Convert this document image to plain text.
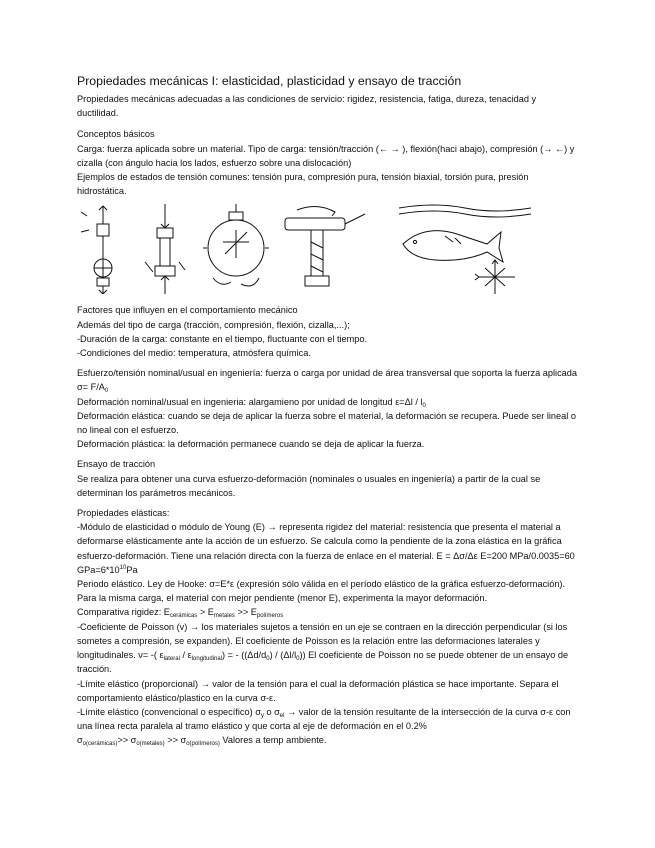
Propiedades mecánicas I: elasticidad, plasticidad y ensayo de tracción

Propiedades mecánicas adecuadas a las condiciones de servicio: rigidez, resistencia, fatiga, dureza, tenacidad y ductilidad.

Conceptos básicos

Carga: fuerza aplicada sobre un material. Tipo de carga: tensión/tracción (← → ), flexión(haci abajo), compresión (→ ←) y cizalla (con ángulo hacia los lados, esfuerzo sobre una dislocación)

Ejemplos de estados de tensión comunes: tensión pura, compresión pura, tensión biaxial, torsión pura, presión hidrostática.

Factores que influyen en el comportamiento mecánico

Además del tipo de carga (tracción, compresión, flexión, cizalla,...);

-Duración de la carga: constante en el tiempo, fluctuante con el tiempo.

-Condiciones del medio: temperatura, atmósfera química.

Esfuerzo/tensión nominal/usual en ingeniería: fuerza o carga por unidad de área transversal que soporta la fuerza aplicada $\sigma= F/A_0$

Deformación nominal/usual en ingenieria: alargamieno por unidad de longitud $\varepsilon=\Delta l / l_0$

Deformación elástica: cuando se deja de aplicar la fuerza sobre el material, la deformación se recupera. Puede ser lineal o no lineal con el esfuerzo.

Deformación plástica: la deformación permanece cuando se deja de aplicar la fuerza.

Ensayo de tracción

Se realiza para obtener una curva esfuerzo-deformación (nominales o usuales en ingeniería) a partir de la cual se determinan los parámetros mecánicos.

Propiedades elásticas:

-Módulo de elasticidad o módulo de Young (E) → representa rigidez del material: resistencia que presenta el material a deformarse elásticamente ante la acción de un esfuerzo. Se calcula como la pendiente de la zona elástica en la gráfica esfuerzo-deformación. Tiene una relación directa con la fuerza de enlace en el material. E = Δσ/Δε E=200 MPa/0.0035=60 $GPa=6*10^{10}Pa$

Periodo elástico. Ley de Hooke: σ=E*ε (expresión sólo válida en el período elástico de la gráfica esfuerzo-deformación). Para la misma carga, el material con mejor pendiente (menor E), experimenta la mayor deformación.

Comparativa rigidez: $E_{cerámicas} > E_{metales} >> E_{polímeros}$

-Coeficiente de Poisson (v) → los materiales sujetos a tensión en un eje se contraen en la dirección perpendicular (si los sometes a compresión, se expanden). El coeficiente de Poisson es la relación entre las deformaciones laterales y longitudinales. ν= -( $\varepsilon_{lateral} / \varepsilon_{longitudinal}$) = - $((\Delta d/d_0) / (\Delta l/l_0))$ El coeficiente de Poisson no se puede obtener de un ensayo de tracción.

-Límite elástico (proporcional) → valor de la tensión para el cual la deformación plástica se hace importante. Separa el comportamiento elástico/plastico en la curva σ-ε.

-Límite elástico (convencional o específico) $\sigma_y$ o $\sigma_{el}$ → valor de la tensión resultante de la intersección de la curva σ-ε con una línea recta paralela al tramo elástico y que corta al eje de deformación en el 0.2%

$\sigma_{o(cerámicas)}>> \sigma_{o(metales)} >> \sigma_{o(polímeros)}$ Valores a temp ambiente.
